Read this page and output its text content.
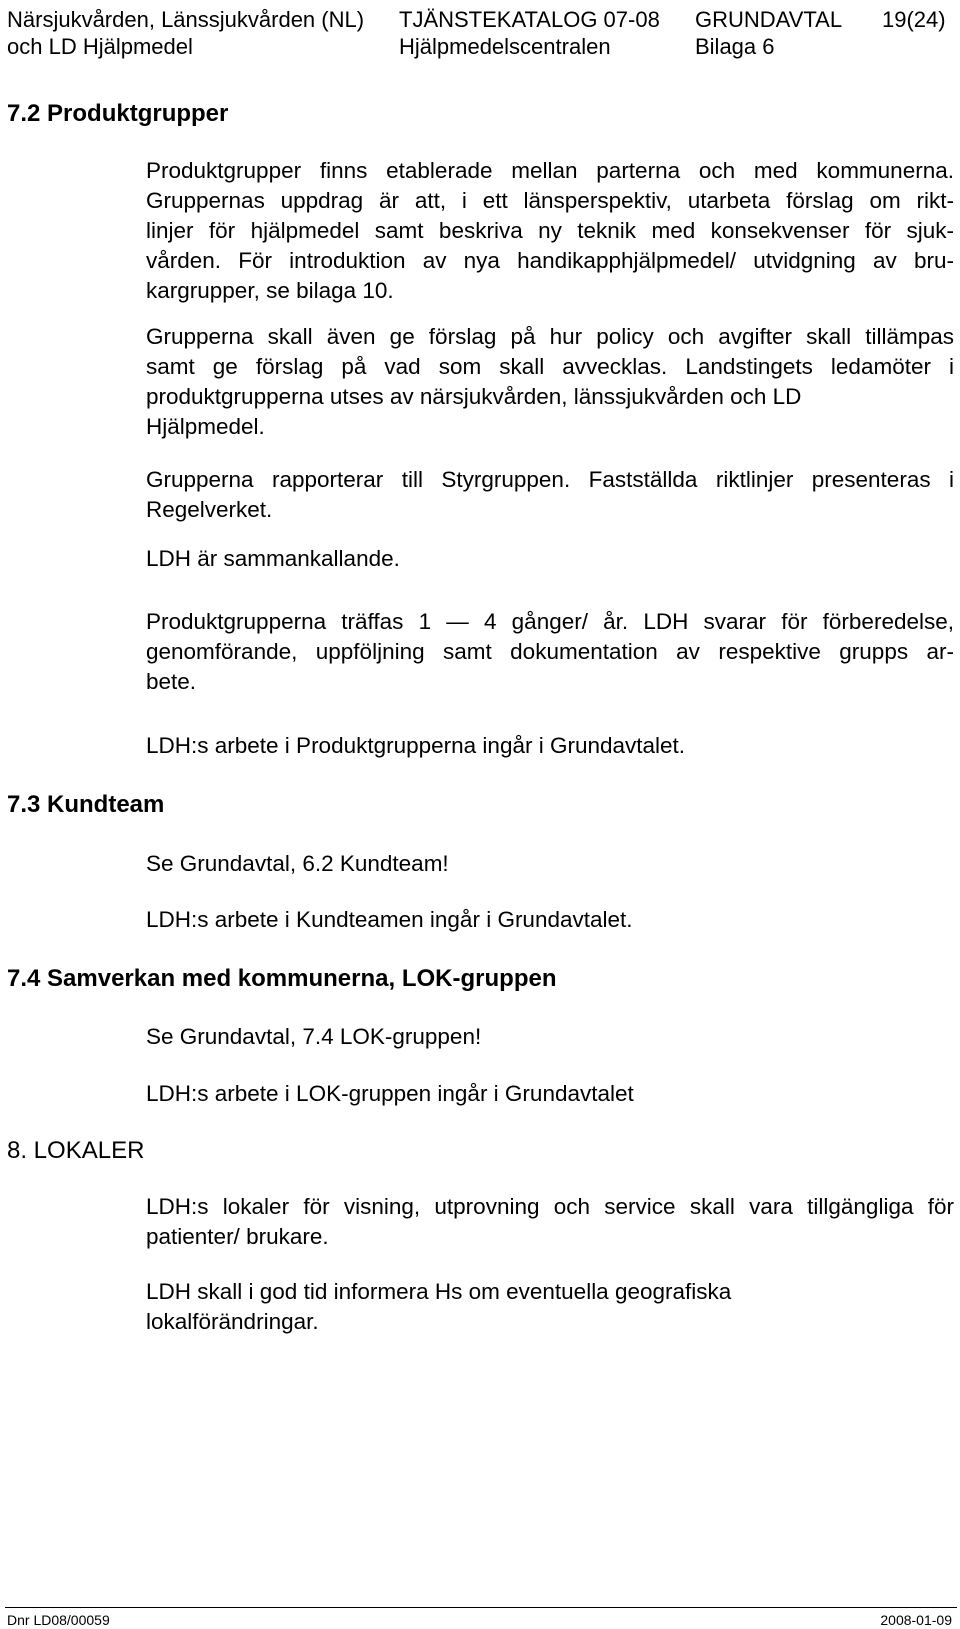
Närsjukvården, Länssjukvården (NL)
och LD Hjälpmedel
TJÄNSTEKATALOG 07-08
Hjälpmedelscentralen
GRUNDAVTAL
Bilaga 6
19(24)
7.2 Produktgrupper

Produktgrupper finns etablerade mellan parterna och med kommunerna.
Gruppernas uppdrag är att, i ett länsperspektiv, utarbeta förslag om rikt-
linjer för hjälpmedel samt beskriva ny teknik med konsekvenser för sjuk-
vården. För introduktion av nya handikapphjälpmedel/ utvidgning av bru-

kargrupper, se bilaga 10.

Grupperna skall även ge förslag på hur policy och avgifter skall tillämpas
samt ge förslag på vad som skall avvecklas. Landstingets ledamöter i

produktgrupperna utses av närsjukvården, länssjukvården och LD
Hjälpmedel.

Grupperna rapporterar till Styrgruppen. Fastställda riktlinjer presenteras i

Regelverket.

LDH är sammankallande.

Produktgrupperna träffas 1 — 4 gånger/ år. LDH svarar för förberedelse,
genomförande, uppföljning samt dokumentation av respektive grupps ar-

bete.

LDH:s arbete i Produktgrupperna ingår i Grundavtalet.

7.3 Kundteam

Se Grundavtal, 6.2 Kundteam!

LDH:s arbete i Kundteamen ingår i Grundavtalet.

7.4 Samverkan med kommunerna, LOK-gruppen

Se Grundavtal, 7.4 LOK-gruppen!

LDH:s arbete i LOK-gruppen ingår i Grundavtalet

8. LOKALER

LDH:s lokaler för visning, utprovning och service skall vara tillgängliga för

patienter/ brukare.

LDH skall i god tid informera Hs om eventuella geografiska
lokalförändringar.

Dnr LD08/00059	2008-01-09
